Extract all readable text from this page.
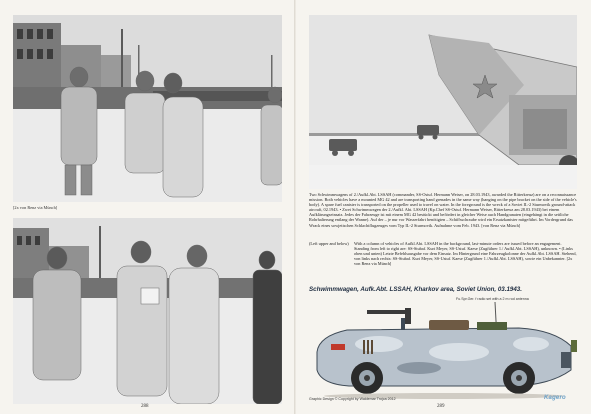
[2x von Renz via Münch]
288
Two Schwimmwagens of 2./Aufkl.Abt. LSSAH (commander, SS-Ostuf. Hermann Weiser, on 28.03.1943, awarded the Ritterkreuz) are on a reconnaissance mission. Both vehicles have a mounted MG 42 and are transporting hand grenades in the same way (hanging on the pipe bracket on the side of the vehicle's body). A spare fuel canister is transported on the propeller used to travel on water. In the foreground is the wreck of a Soviet IL-2 Sturmovik ground-attack aircraft, 02.1943. • Zwei Schwimmwagen der 2./Aufkl. Abt. LSSAH (Kp.Chef SS-Ostuf. Hermann Weiser, Ritterkreuz am 28.03.1943) bei einem Aufklärungseinsatz. Jedes der Fahrzeuge ist mit einem MG 42 bestückt und befördert in gleicher Weise auch Handgranaten (eingehängt in die seitliche Rohrhalterung entlang der Wanne). Auf der – je nur vor Wasserfahrt benötigten – Schiffsschraube wird ein Ersatzkanister mitgeführt. Im Vordergrund das Wrack eines sowjetischen Schlachtflugzeuges vom Typ IL-2 Sturmovik. Aufnahme vom Feb. 1943. [von Renz via Münch]
(Left upper and below)	With a column of vehicles of Aufkl.Abt. LSSAH in the background, last-minute orders are issued before an engagement. Standing from left to right are: SS-Stubaf. Kurt Meyer, SS-Ustuf. Kaese (Zugführer 1./ Aufkl.Abt. LSSAH), unknown. • (Links oben und unten) Letzte Befehlsausgabe vor dem Einsatz. Im Hintergrund eine Fahrzeugkolonne der Aufkl.Abt. LSSAH. Stehend, von links nach rechts: SS-Stubaf. Kurt Meyer, SS-Ustuf. Kaese (Zugführer 1./Aufkl.Abt. LSSAH), sowie ein Unbekannter. [2x von Renz via Münch]
Schwimmwagen, Aufk.Abt. LSSAH, Kharkov area, Soviet Union, 03.1943.
Fu.Spr.Ger. f radio set with a 2 m rod antenna
Graphic Design © Copyright by Waldemar Trojca 2012	Kagero
289
